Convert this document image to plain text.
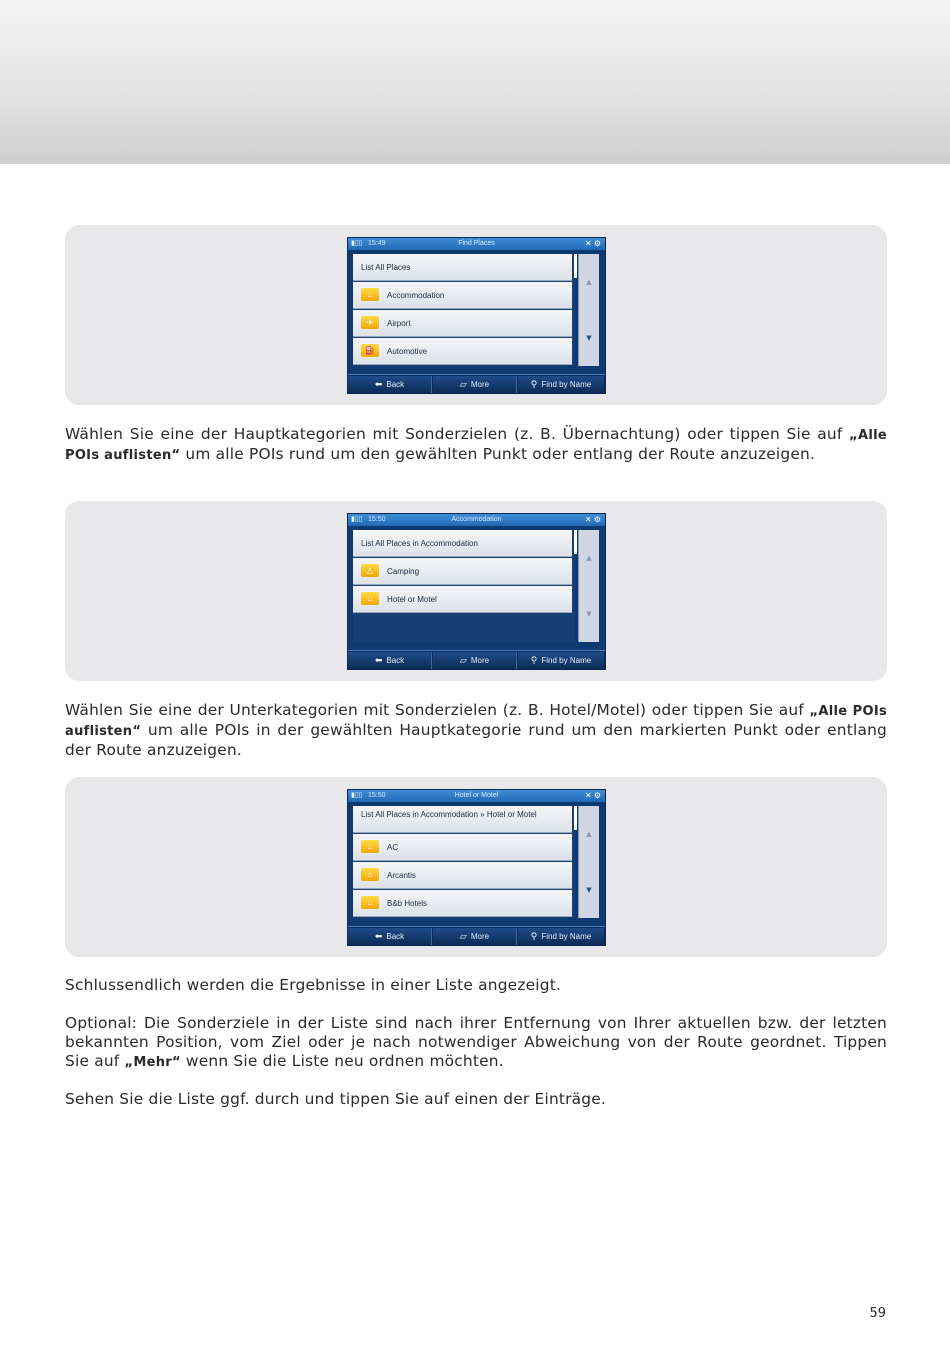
▮▯▯ 15:49	Find Places	✕ ⚙
List All Places
⌂	Accommodation
✈	Airport
⛽	Automotive
▲
▼
⬅ Back	▱ More	⚲ Find by Name

Wählen Sie eine der Hauptkategorien mit Sonderzielen (z. B. Übernachtung) oder tippen Sie auf „Alle POIs auflisten“ um alle POIs rund um den gewählten Punkt oder entlang der Route anzuzeigen.

▮▯▯ 15:50	Accommodation	✕ ⚙
List All Places in Accommodation
△	Camping
⌂	Hotel or Motel
▲
▼
⬅ Back	▱ More	⚲ Find by Name

Wählen Sie eine der Unterkategorien mit Sonderzielen (z. B. Hotel/Motel) oder tippen Sie auf „Alle POIs auflisten“ um alle POIs in der gewählten Hauptkategorie rund um den markierten Punkt oder entlang der Route anzuzeigen.

▮▯▯ 15:50	Hotel or Motel	✕ ⚙
List All Places in Accommodation » Hotel or Motel
⌂	AC
⌂	Arcantis
⌂	B&b Hotels
▲
▼
⬅ Back	▱ More	⚲ Find by Name

Schlussendlich werden die Ergebnisse in einer Liste angezeigt.

Optional: Die Sonderziele in der Liste sind nach ihrer Entfernung von Ihrer aktuellen bzw. der letzten bekannten Position, vom Ziel oder je nach notwendiger Abweichung von der Route geordnet. Tippen Sie auf „Mehr“ wenn Sie die Liste neu ordnen möchten.

Sehen Sie die Liste ggf. durch und tippen Sie auf einen der Einträge.

59
